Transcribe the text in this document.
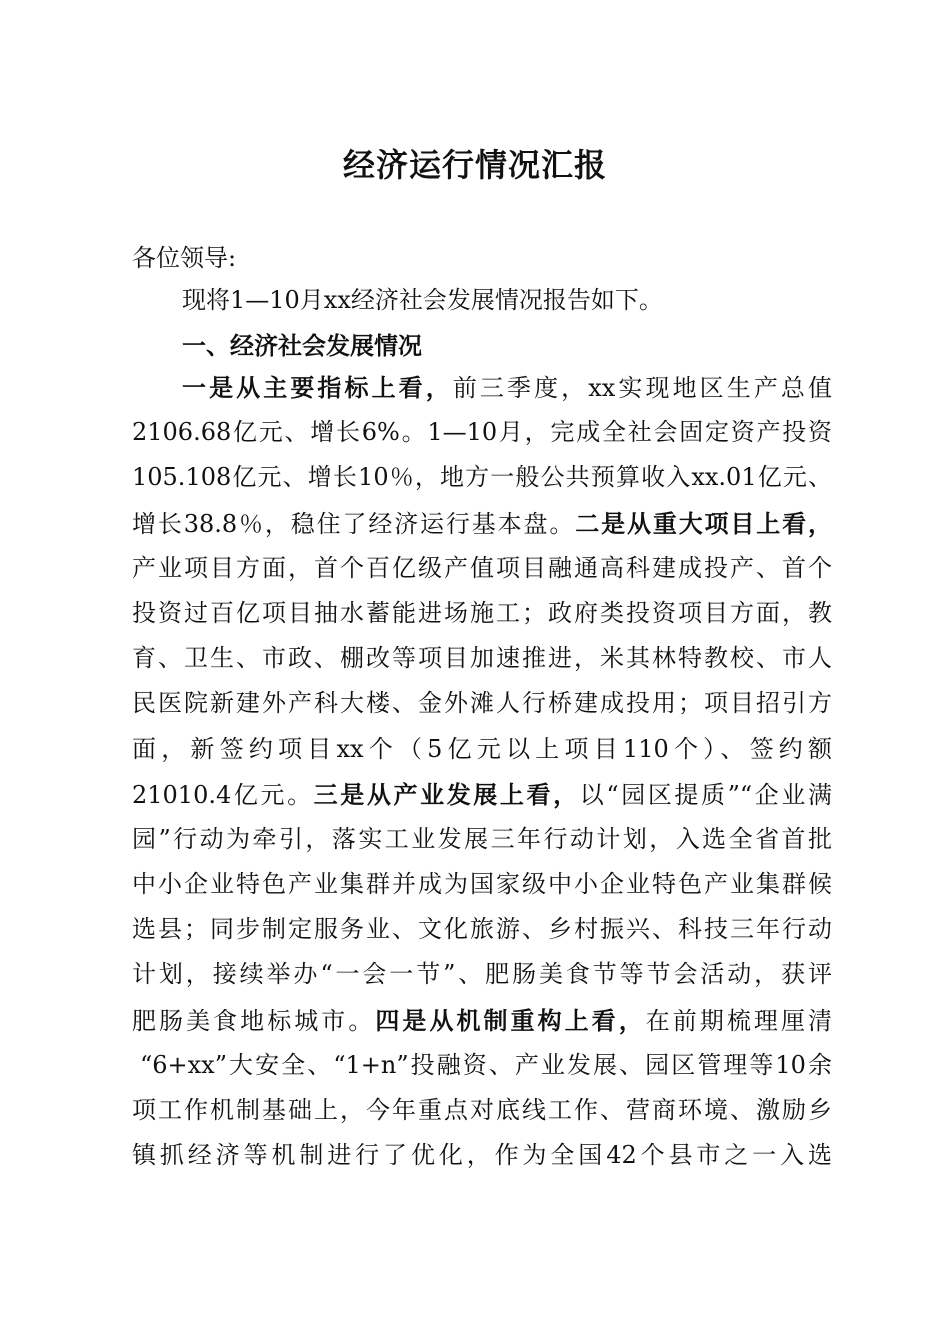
经济运行情况汇报
各位领导:
现将1—10月xx经济社会发展情况报告如下。
一、经济社会发展情况
一是从主要指标上看，前三季度，xx实现地区生产总值
2106.68亿元、增长6%。1—10月，完成全社会固定资产投资
105.108亿元、增长10％，地方一般公共预算收入xx.01亿元、
增长38.8％，稳住了经济运行基本盘。二是从重大项目上看，
产业项目方面，首个百亿级产值项目融通高科建成投产、首个
投资过百亿项目抽水蓄能进场施工；政府类投资项目方面，教
育、卫生、市政、棚改等项目加速推进，米其林特教校、市人
民医院新建外产科大楼、金外滩人行桥建成投用；项目招引方
面，新签约项目xx个（5亿元以上项目110个）、签约额
21010.4亿元。三是从产业发展上看，以“园区提质”“企业满
园”行动为牵引，落实工业发展三年行动计划，入选全省首批
中小企业特色产业集群并成为国家级中小企业特色产业集群候
选县；同步制定服务业、文化旅游、乡村振兴、科技三年行动
计划，接续举办“一会一节”、肥肠美食节等节会活动，获评
肥肠美食地标城市。四是从机制重构上看，在前期梳理厘清
“6+xx”大安全、“1+n”投融资、产业发展、园区管理等10余
项工作机制基础上，今年重点对底线工作、营商环境、激励乡
镇抓经济等机制进行了优化，作为全国42个县市之一入选
